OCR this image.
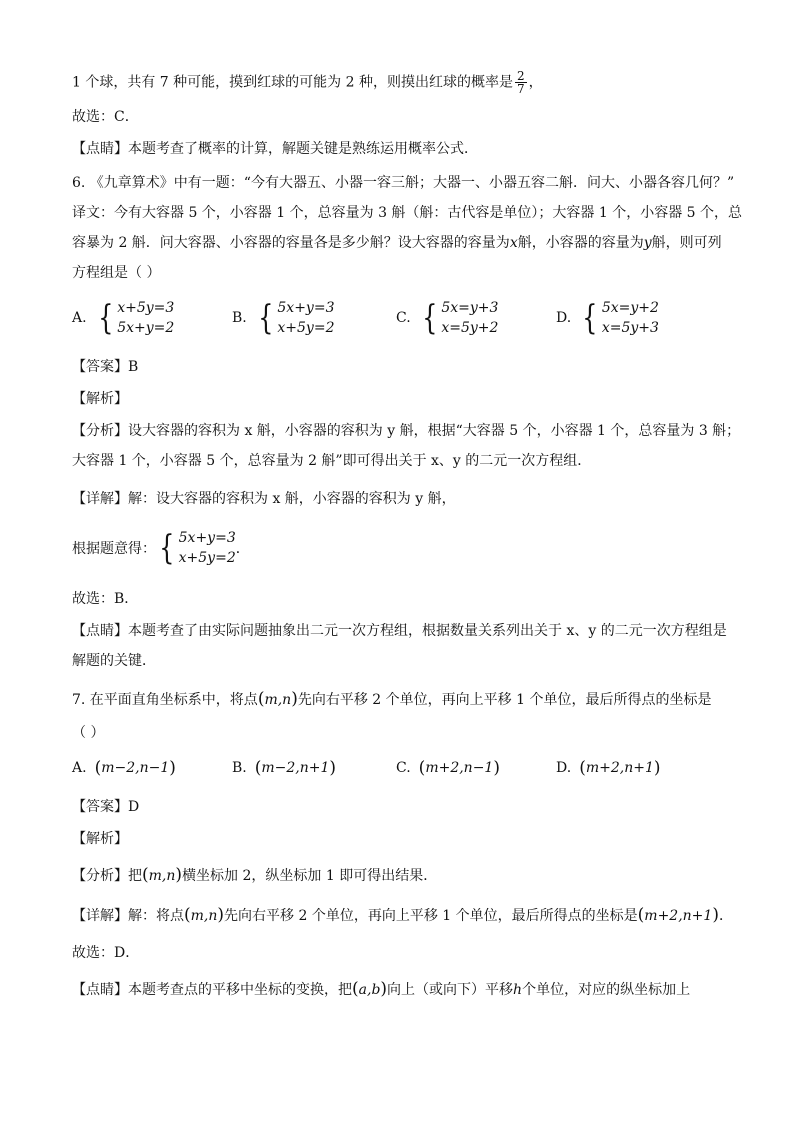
1 个球，共有 7 种可能，摸到红球的可能为 2 种，则摸出红球的概率是 $\frac{2}{7}$ ，
故选：C．
【点睛】本题考查了概率的计算，解题关键是熟练运用概率公式．
6. 《九章算术》中有一题：“今有大器五、小器一容三斛；大器一、小器五容二斛．问大、小器各容几何？”
译文：今有大容器 5 个，小容器 1 个，总容量为 3 斛（斛：古代容是单位）；大容器 1 个，小容器 5 个，总
容暴为 2 斛．问大容器、小容器的容量各是多少斛？设大容器的容量为x斛，小容器的容量为y斛，则可列
方程组是（ ）
A. { x+5y=3
5x+y=2
B. { 5x+y=3
x+5y=2
C. { 5x=y+3
x=5y+2
D. { 5x=y+2
x=5y+3
【答案】B
【解析】
【分析】设大容器的容积为 x 斛，小容器的容积为 y 斛，根据“大容器 5 个，小容器 1 个，总容量为 3 斛；
大容器 1 个，小容器 5 个，总容量为 2 斛”即可得出关于 x、y 的二元一次方程组．
【详解】解：设大容器的容积为 x 斛，小容器的容积为 y 斛，
根据题意得： { 5x+y=3
x+5y=2
．
故选：B．
【点睛】本题考查了由实际问题抽象出二元一次方程组，根据数量关系列出关于 x、y 的二元一次方程组是
解题的关键．
7. 在平面直角坐标系中，将点(m,n)先向右平移 2 个单位，再向上平移 1 个单位，最后所得点的坐标是
（ ）
A. ( m−2,n−1 )	B. ( m−2,n+1 )	C. ( m+2,n−1 )	D. ( m+2,n+1 )
【答案】D
【解析】
【分析】把(m,n)横坐标加 2，纵坐标加 1 即可得出结果．
【详解】解：将点(m,n)先向右平移 2 个单位，再向上平移 1 个单位，最后所得点的坐标是(m+2,n+1)．
故选：D．
【点睛】本题考查点的平移中坐标的变换，把(a,b)向上（或向下）平移h个单位，对应的纵坐标加上
